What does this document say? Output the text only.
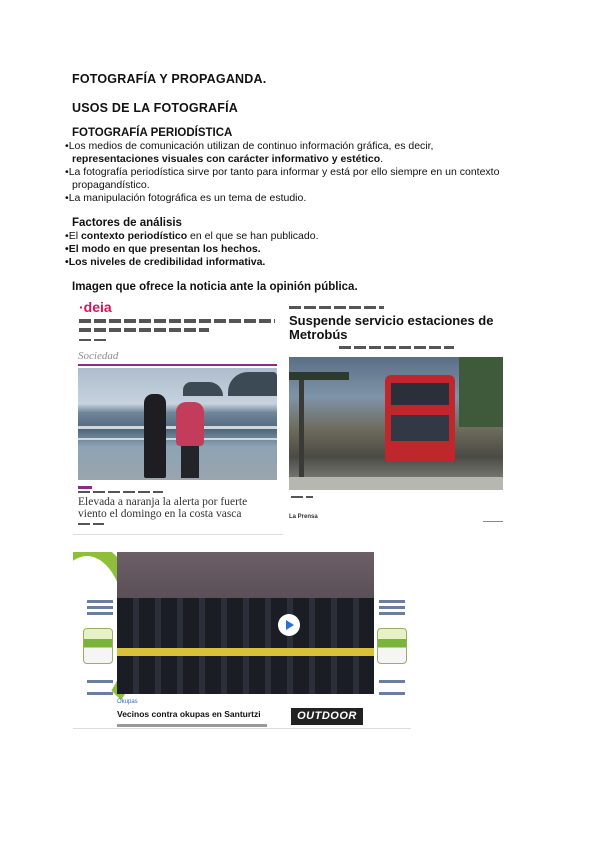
FOTOGRAFÍA Y PROPAGANDA.
USOS DE LA FOTOGRAFÍA
FOTOGRAFÍA PERIODÍSTICA
•Los medios de comunicación utilizan de continuo información gráfica, es decir,
representaciones visuales con carácter informativo y estético.
•La fotografía periodística sirve por tanto para informar y está por ello siempre en un contexto
propagandístico.
•La manipulación fotográfica es un tema de estudio.
Factores de análisis
•El contexto periodístico en el que se han publicado.
•El modo en que presentan los hechos.
•Los niveles de credibilidad informativa.
Imagen que ofrece la noticia ante la opinión pública.
·deia
Sociedad
Elevada a naranja la alerta por fuerte
viento el domingo en la costa vasca
Suspende servicio estaciones de
Metrobús
La Prensa
Okupas
Vecinos contra okupas en Santurtzi	OUTDOOR
